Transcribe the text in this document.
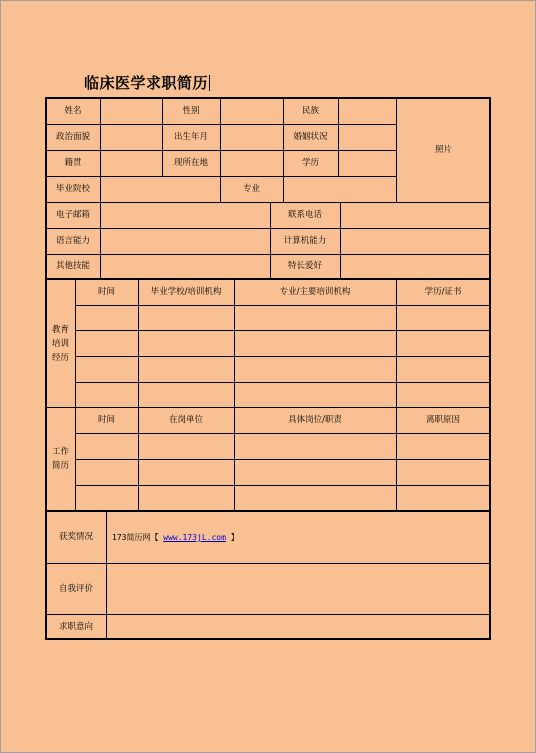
临床医学求职简历
姓名	性别	民族
政治面貌	出生年月	婚姻状况
籍贯	现所在地	学历
毕业院校	专业
照片
电子邮箱	联系电话
语言能力	计算机能力
其他技能	特长爱好
教育
培训
经历
时间	毕业学校/培训机构	专业/主要培训机构	学历/证书
工作
简历
时间	在岗单位	具体岗位/职责	离职原因
获奖情况	173简历网【
www.173jL.com
】
自我评价
求职意向
